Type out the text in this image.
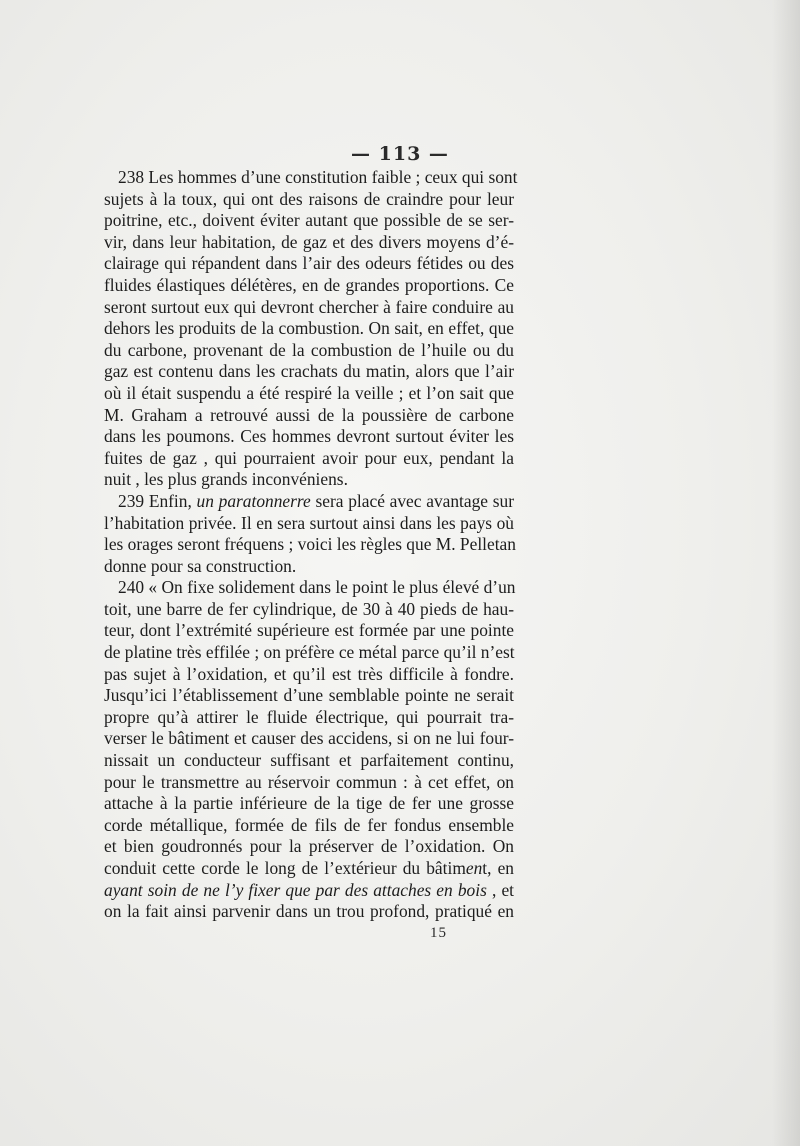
— 113 —
238 Les hommes d’une constitution faible ; ceux qui sont
sujets à la toux, qui ont des raisons de craindre pour leur
poitrine, etc., doivent éviter autant que possible de se ser-
vir, dans leur habitation, de gaz et des divers moyens d’é-
clairage qui répandent dans l’air des odeurs fétides ou des
fluides élastiques délétères, en de grandes proportions. Ce
seront surtout eux qui devront chercher à faire conduire au
dehors les produits de la combustion. On sait, en effet, que
du carbone, provenant de la combustion de l’huile ou du
gaz est contenu dans les crachats du matin, alors que l’air
où il était suspendu a été respiré la veille ; et l’on sait que
M. Graham a retrouvé aussi de la poussière de carbone
dans les poumons. Ces hommes devront surtout éviter les
fuites de gaz , qui pourraient avoir pour eux, pendant la
nuit , les plus grands inconvéniens.
239 Enfin, un paratonnerre sera placé avec avantage sur
l’habitation privée. Il en sera surtout ainsi dans les pays où
les orages seront fréquens ; voici les règles que M. Pelletan
donne pour sa construction.
240 « On fixe solidement dans le point le plus élevé d’un
toit, une barre de fer cylindrique, de 30 à 40 pieds de hau-
teur, dont l’extrémité supérieure est formée par une pointe
de platine très effilée ; on préfère ce métal parce qu’il n’est
pas sujet à l’oxidation, et qu’il est très difficile à fondre.
Jusqu’ici l’établissement d’une semblable pointe ne serait
propre qu’à attirer le fluide électrique, qui pourrait tra-
verser le bâtiment et causer des accidens, si on ne lui four-
nissait un conducteur suffisant et parfaitement continu,
pour le transmettre au réservoir commun : à cet effet, on
attache à la partie inférieure de la tige de fer une grosse
corde métallique, formée de fils de fer fondus ensemble
et bien goudronnés pour la préserver de l’oxidation. On
conduit cette corde le long de l’extérieur du bâtiment, en
ayant soin de ne l’y fixer que par des attaches en bois , et
on la fait ainsi parvenir dans un trou profond, pratiqué en
15
